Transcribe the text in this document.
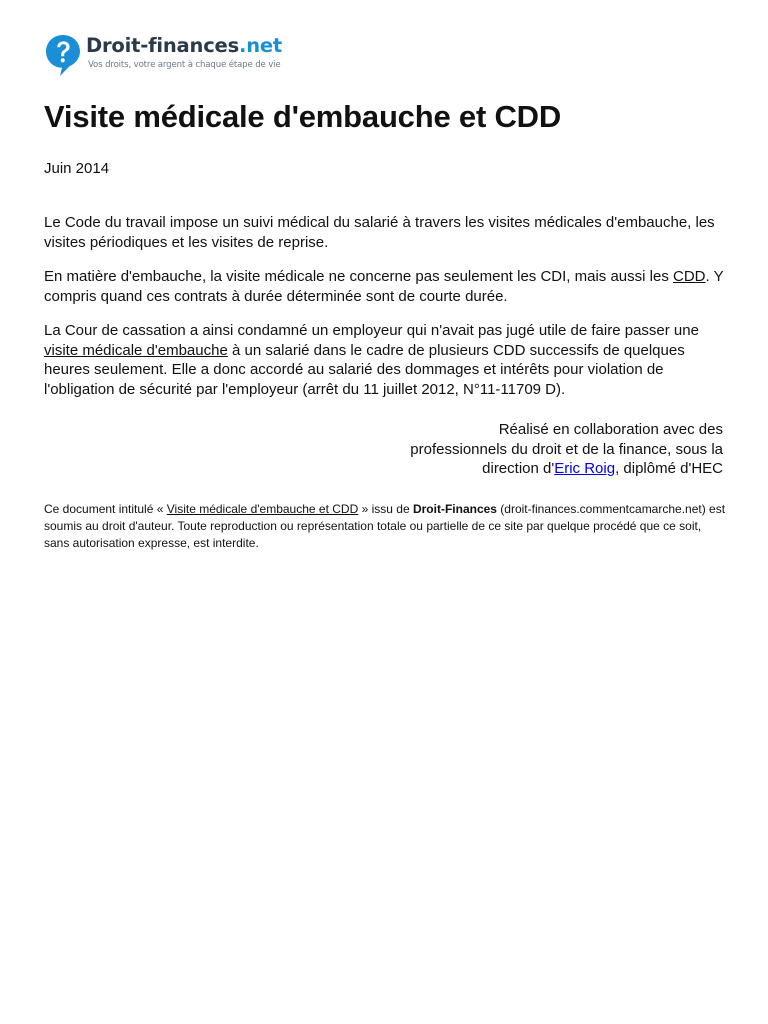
Droit-finances.net
Vos droits, votre argent à chaque étape de vie
Visite médicale d'embauche et CDD
Juin 2014

Le Code du travail impose un suivi médical du salarié à travers les visites médicales d'embauche, les visites périodiques et les visites de reprise.

En matière d'embauche, la visite médicale ne concerne pas seulement les CDI, mais aussi les CDD. Y compris quand ces contrats à durée déterminée sont de courte durée.

La Cour de cassation a ainsi condamné un employeur qui n'avait pas jugé utile de faire passer une visite médicale d'embauche à un salarié dans le cadre de plusieurs CDD successifs de quelques heures seulement. Elle a donc accordé au salarié des dommages et intérêts pour violation de l'obligation de sécurité par l'employeur (arrêt du 11 juillet 2012, N°11-11709 D).

Réalisé en collaboration avec des
professionnels du droit et de la finance, sous la
direction d'Eric Roig, diplômé d'HEC
Ce document intitulé « Visite médicale d'embauche et CDD » issu de Droit-Finances (droit-finances.commentcamarche.net) est soumis au droit d'auteur. Toute reproduction ou représentation totale ou partielle de ce site par quelque procédé que ce soit, sans autorisation expresse, est interdite.
